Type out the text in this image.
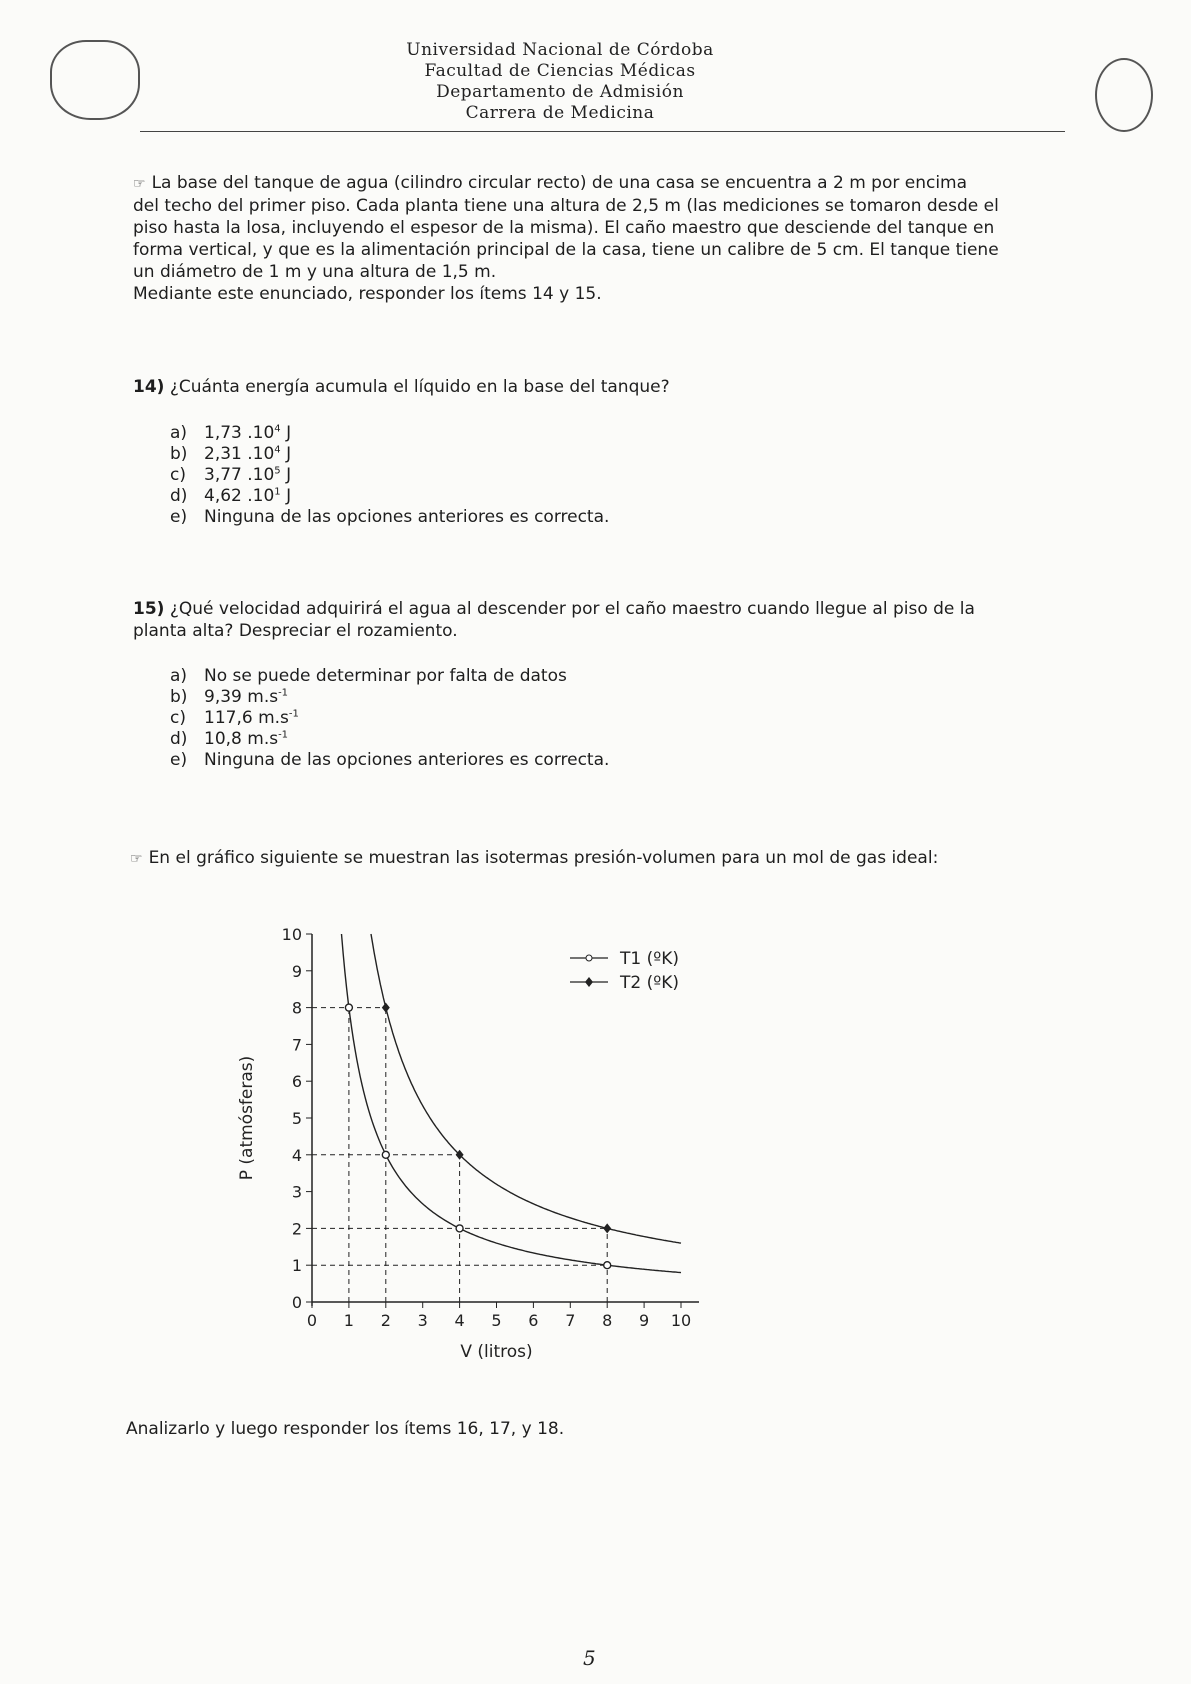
Universidad Nacional de Córdoba
Facultad de Ciencias Médicas
Departamento de Admisión
Carrera de Medicina

☞ La base del tanque de agua (cilindro circular recto) de una casa se encuentra a 2 m por encima

del techo del primer piso. Cada planta tiene una altura de 2,5 m (las mediciones se tomaron desde el

piso hasta la losa, incluyendo el espesor de la misma). El caño maestro que desciende del tanque en

forma vertical, y que es la alimentación principal de la casa, tiene un calibre de 5 cm. El tanque tiene

un diámetro de 1 m y una altura de 1,5 m.

Mediante este enunciado, responder los ítems 14 y 15.

14) ¿Cuánta energía acumula el líquido en la base del tanque?
a) 1,73 $.10^4$ J
b) 2,31 $.10^4$ J
c)	3,77 $.10^5$ J
d) 4,62 $.10^1$ J
e) Ninguna de las opciones anteriores es correcta.
15) ¿Qué velocidad adquirirá el agua al descender por el caño maestro cuando llegue al piso de la
planta alta? Despreciar el rozamiento.
a) No se puede determinar por falta de datos
b) 9,39 $m.s^{-1}$
c)	117,6 $m.s^{-1}$
d) 10,8 $m.s^{-1}$
e) Ninguna de las opciones anteriores es correcta.
☞ En el gráfico siguiente se muestran las isotermas presión-volumen para un mol de gas ideal:
0 1 2 3 4 5 6 7 8 9 10
0
1
2
3
4
5
6
7
8
9
10
V (litros)
P (atmósferas)
T1 (ºK)
T2 (ºK)
Analizarlo y luego responder los ítems 16, 17, y 18.
5
